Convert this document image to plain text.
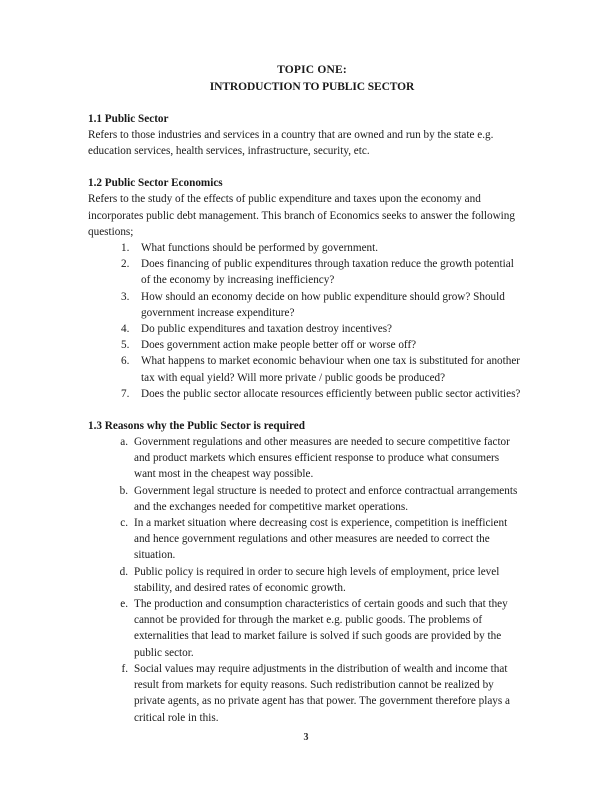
TOPIC ONE:
INTRODUCTION TO PUBLIC SECTOR
1.1 Public Sector

Refers to those industries and services in a country that are owned and run by the state e.g. education services, health services, infrastructure, security, etc.

1.2 Public Sector Economics

Refers to the study of the effects of public expenditure and taxes upon the economy and incorporates public debt management. This branch of Economics seeks to answer the following questions;

1.	What functions should be performed by government.
2.	Does financing of public expenditures through taxation reduce the growth potential of the economy by increasing inefficiency?
3.	How should an economy decide on how public expenditure should grow? Should government increase expenditure?
4.	Do public expenditures and taxation destroy incentives?
5.	Does government action make people better off or worse off?
6.	What happens to market economic behaviour when one tax is substituted for another tax with equal yield? Will more private / public goods be produced?
7.	Does the public sector allocate resources efficiently between public sector activities?
1.3 Reasons why the Public Sector is required
a. Government regulations and other measures are needed to secure competitive factor and product markets which ensures efficient response to produce what consumers want most in the cheapest way possible.
b. Government legal structure is needed to protect and enforce contractual arrangements and the exchanges needed for competitive market operations.
c. In a market situation where decreasing cost is experience, competition is inefficient and hence government regulations and other measures are needed to correct the situation.
d. Public policy is required in order to secure high levels of employment, price level stability, and desired rates of economic growth.
e. The production and consumption characteristics of certain goods and such that they cannot be provided for through the market e.g. public goods. The problems of externalities that lead to market failure is solved if such goods are provided by the public sector.
f. Social values may require adjustments in the distribution of wealth and income that result from markets for equity reasons. Such redistribution cannot be realized by private agents, as no private agent has that power. The government therefore plays a critical role in this.
3
